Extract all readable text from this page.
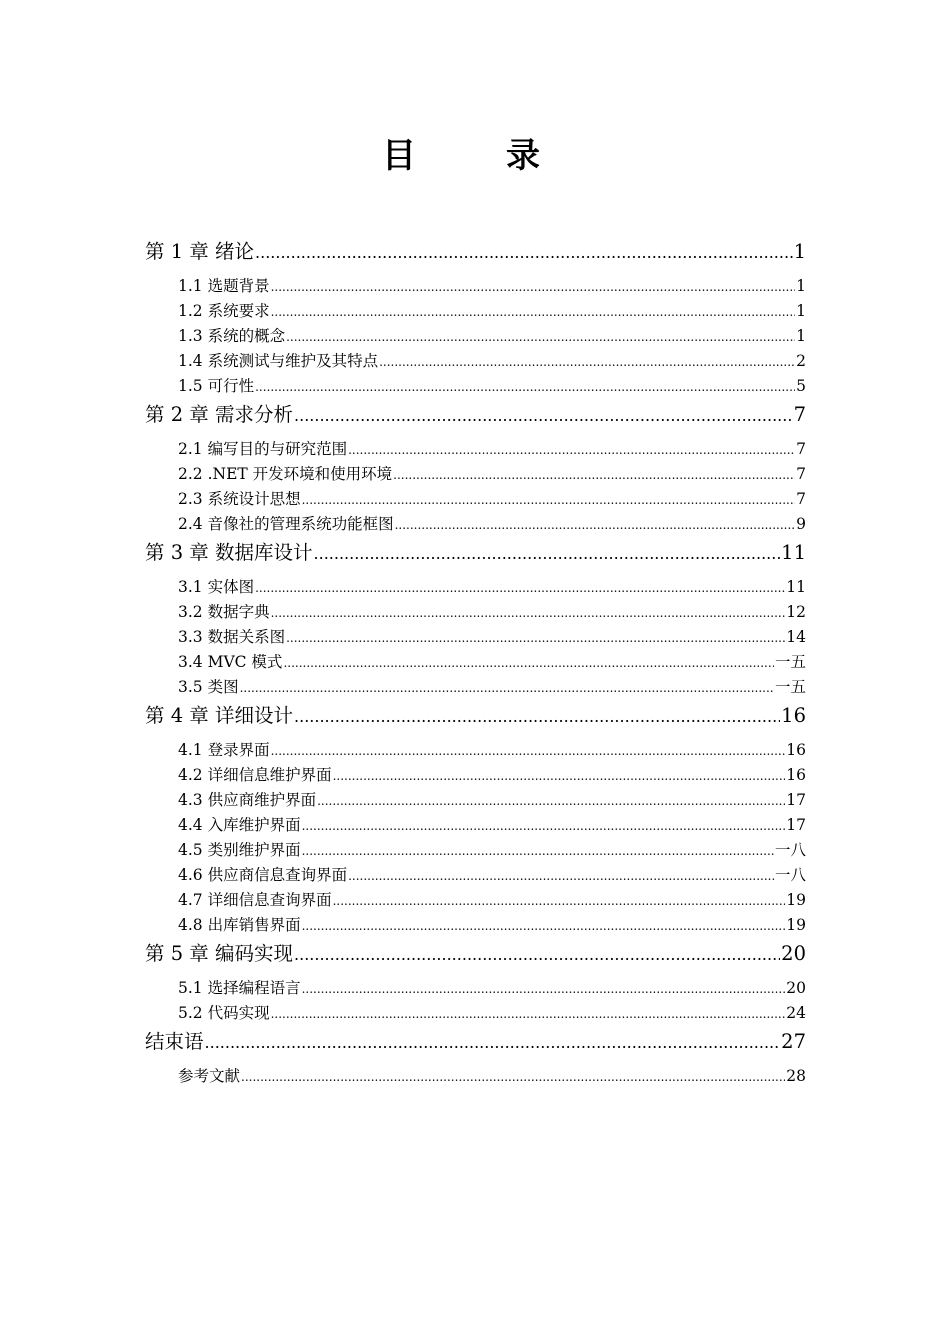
目　录
第 1 章 绪论 .....	1
1.1 选题背景 .....	1
1.2 系统要求 .....	1
1.3 系统的概念 .....	1
1.4 系统测试与维护及其特点 .....	2
1.5 可行性 .....	5
第 2 章 需求分析 .....	7
2.1 编写目的与研究范围 .....	7
2.2 .NET 开发环境和使用环境 .....	7
2.3 系统设计思想 .....	7
2.4 音像社的管理系统功能框图 .....	9
第 3 章 数据库设计 .....	11
3.1 实体图 .....	11
3.2 数据字典 .....	12
3.3 数据关系图 .....	14
3.4 MVC 模式 .....	一五
3.5 类图 .....	一五
第 4 章 详细设计 .....	16
4.1 登录界面 .....	16
4.2 详细信息维护界面 .....	16
4.3 供应商维护界面 .....	17
4.4 入库维护界面 .....	17
4.5 类别维护界面 .....	一八
4.6 供应商信息查询界面 .....	一八
4.7 详细信息查询界面 .....	19
4.8 出库销售界面 .....	19
第 5 章 编码实现 .....	20
5.1 选择编程语言 .....	20
5.2 代码实现 .....	24
结束语 .....	27
参考文献 .....	28
